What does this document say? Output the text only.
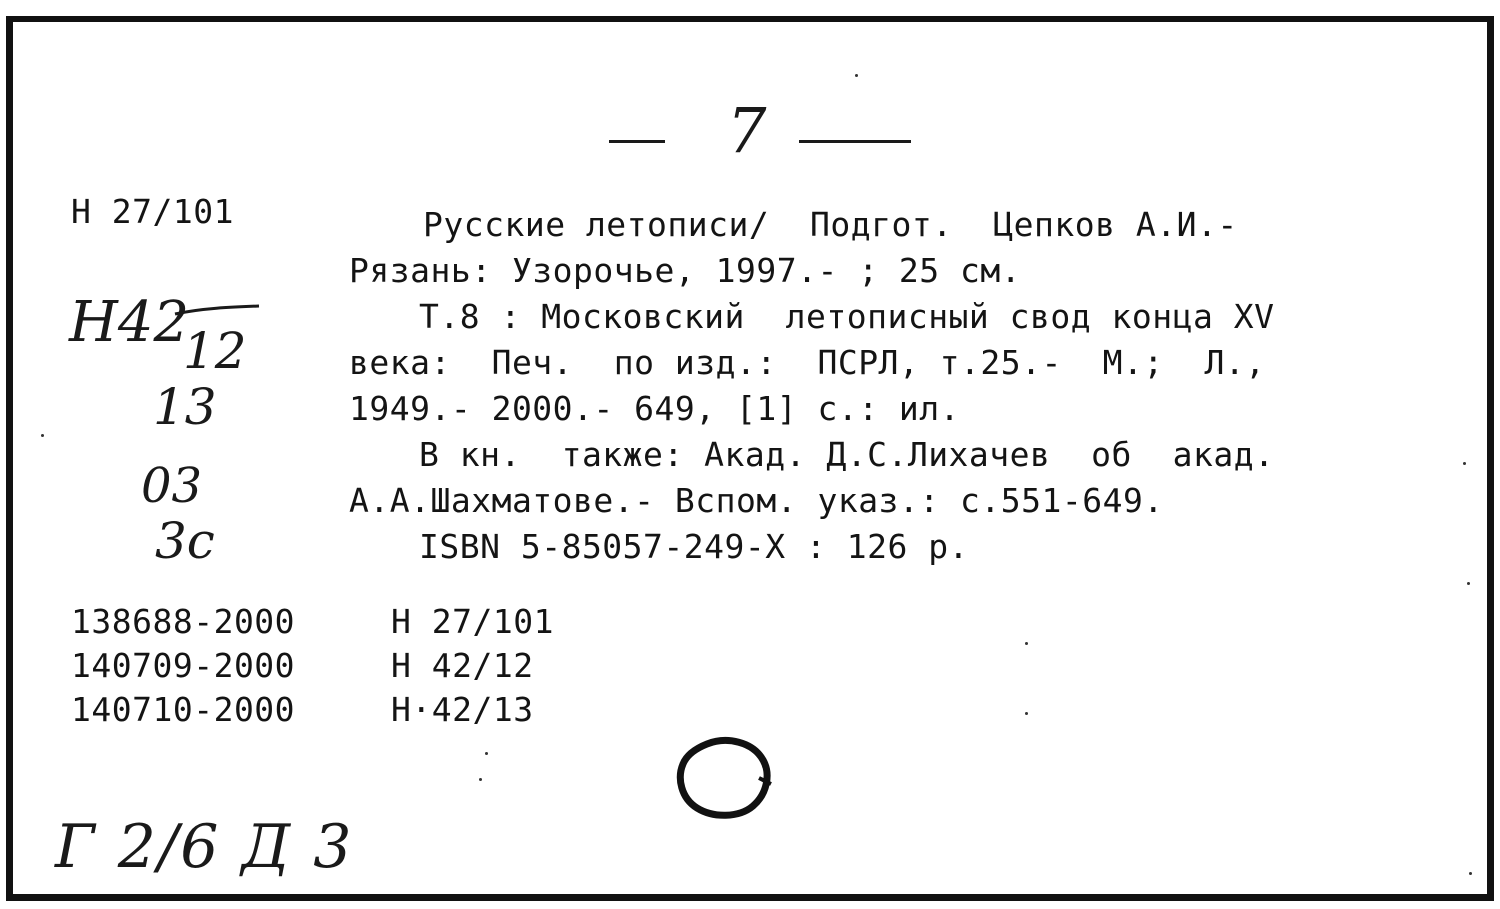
7
Н 27/101
Н42
12
13
03
3с
Русские летописи/  Подгот.  Цепков А.И.-
Рязань: Узорочье, 1997.- ; 25 см.
Т.8 : Московский  летописный свод конца XV
века:  Печ.  по изд.:  ПСРЛ, т.25.-  М.;  Л.,
1949.- 2000.- 649, [1] с.: ил.
В кн.  также: Акад. Д.С.Лихачев  об  акад.
А.А.Шахматове.- Вспом. указ.: с.551-649.
ISBN 5-85057-249-X : 126 р.
138688-2000	Н 27/101
140709-2000	Н 42/12
140710-2000	Н·42/13
Г 2/6 Д 3
